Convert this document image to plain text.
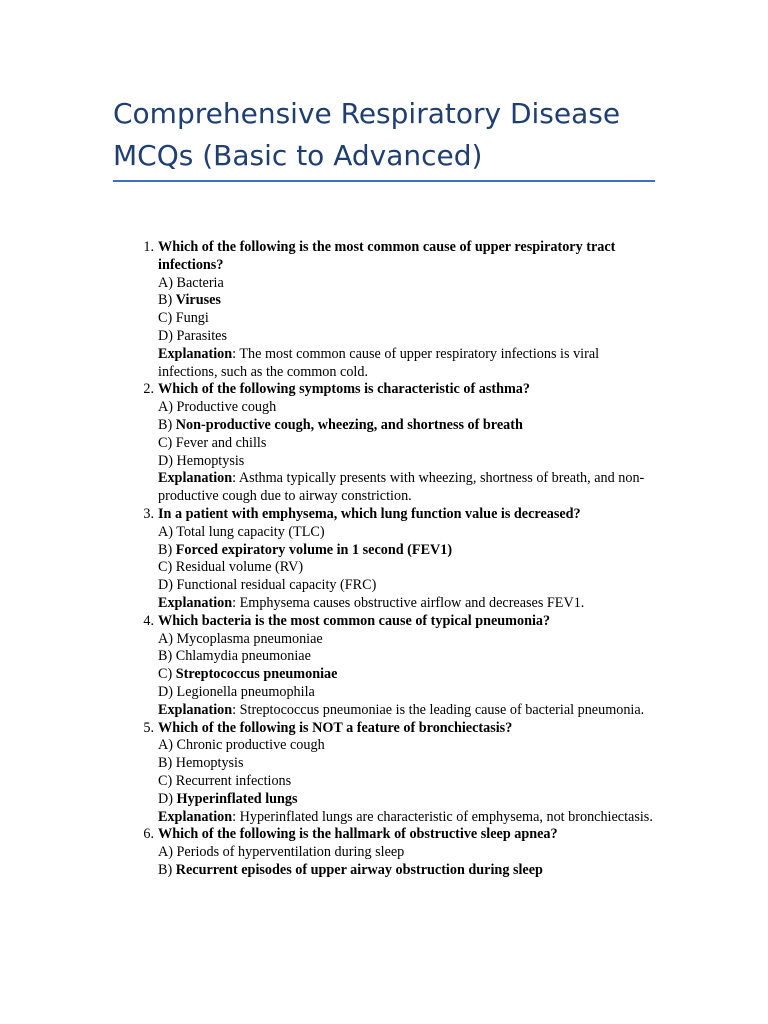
Comprehensive Respiratory Disease MCQs (Basic to Advanced)
1. Which of the following is the most common cause of upper respiratory tract infections?
A) Bacteria
B) Viruses
C) Fungi
D) Parasites
Explanation: The most common cause of upper respiratory infections is viral infections, such as the common cold.
2. Which of the following symptoms is characteristic of asthma?
A) Productive cough
B) Non-productive cough, wheezing, and shortness of breath
C) Fever and chills
D) Hemoptysis
Explanation: Asthma typically presents with wheezing, shortness of breath, and non-productive cough due to airway constriction.
3. In a patient with emphysema, which lung function value is decreased?
A) Total lung capacity (TLC)
B) Forced expiratory volume in 1 second (FEV1)
C) Residual volume (RV)
D) Functional residual capacity (FRC)
Explanation: Emphysema causes obstructive airflow and decreases FEV1.
4. Which bacteria is the most common cause of typical pneumonia?
A) Mycoplasma pneumoniae
B) Chlamydia pneumoniae
C) Streptococcus pneumoniae
D) Legionella pneumophila
Explanation: Streptococcus pneumoniae is the leading cause of bacterial pneumonia.
5. Which of the following is NOT a feature of bronchiectasis?
A) Chronic productive cough
B) Hemoptysis
C) Recurrent infections
D) Hyperinflated lungs
Explanation: Hyperinflated lungs are characteristic of emphysema, not bronchiectasis.
6. Which of the following is the hallmark of obstructive sleep apnea?
A) Periods of hyperventilation during sleep
B) Recurrent episodes of upper airway obstruction during sleep
